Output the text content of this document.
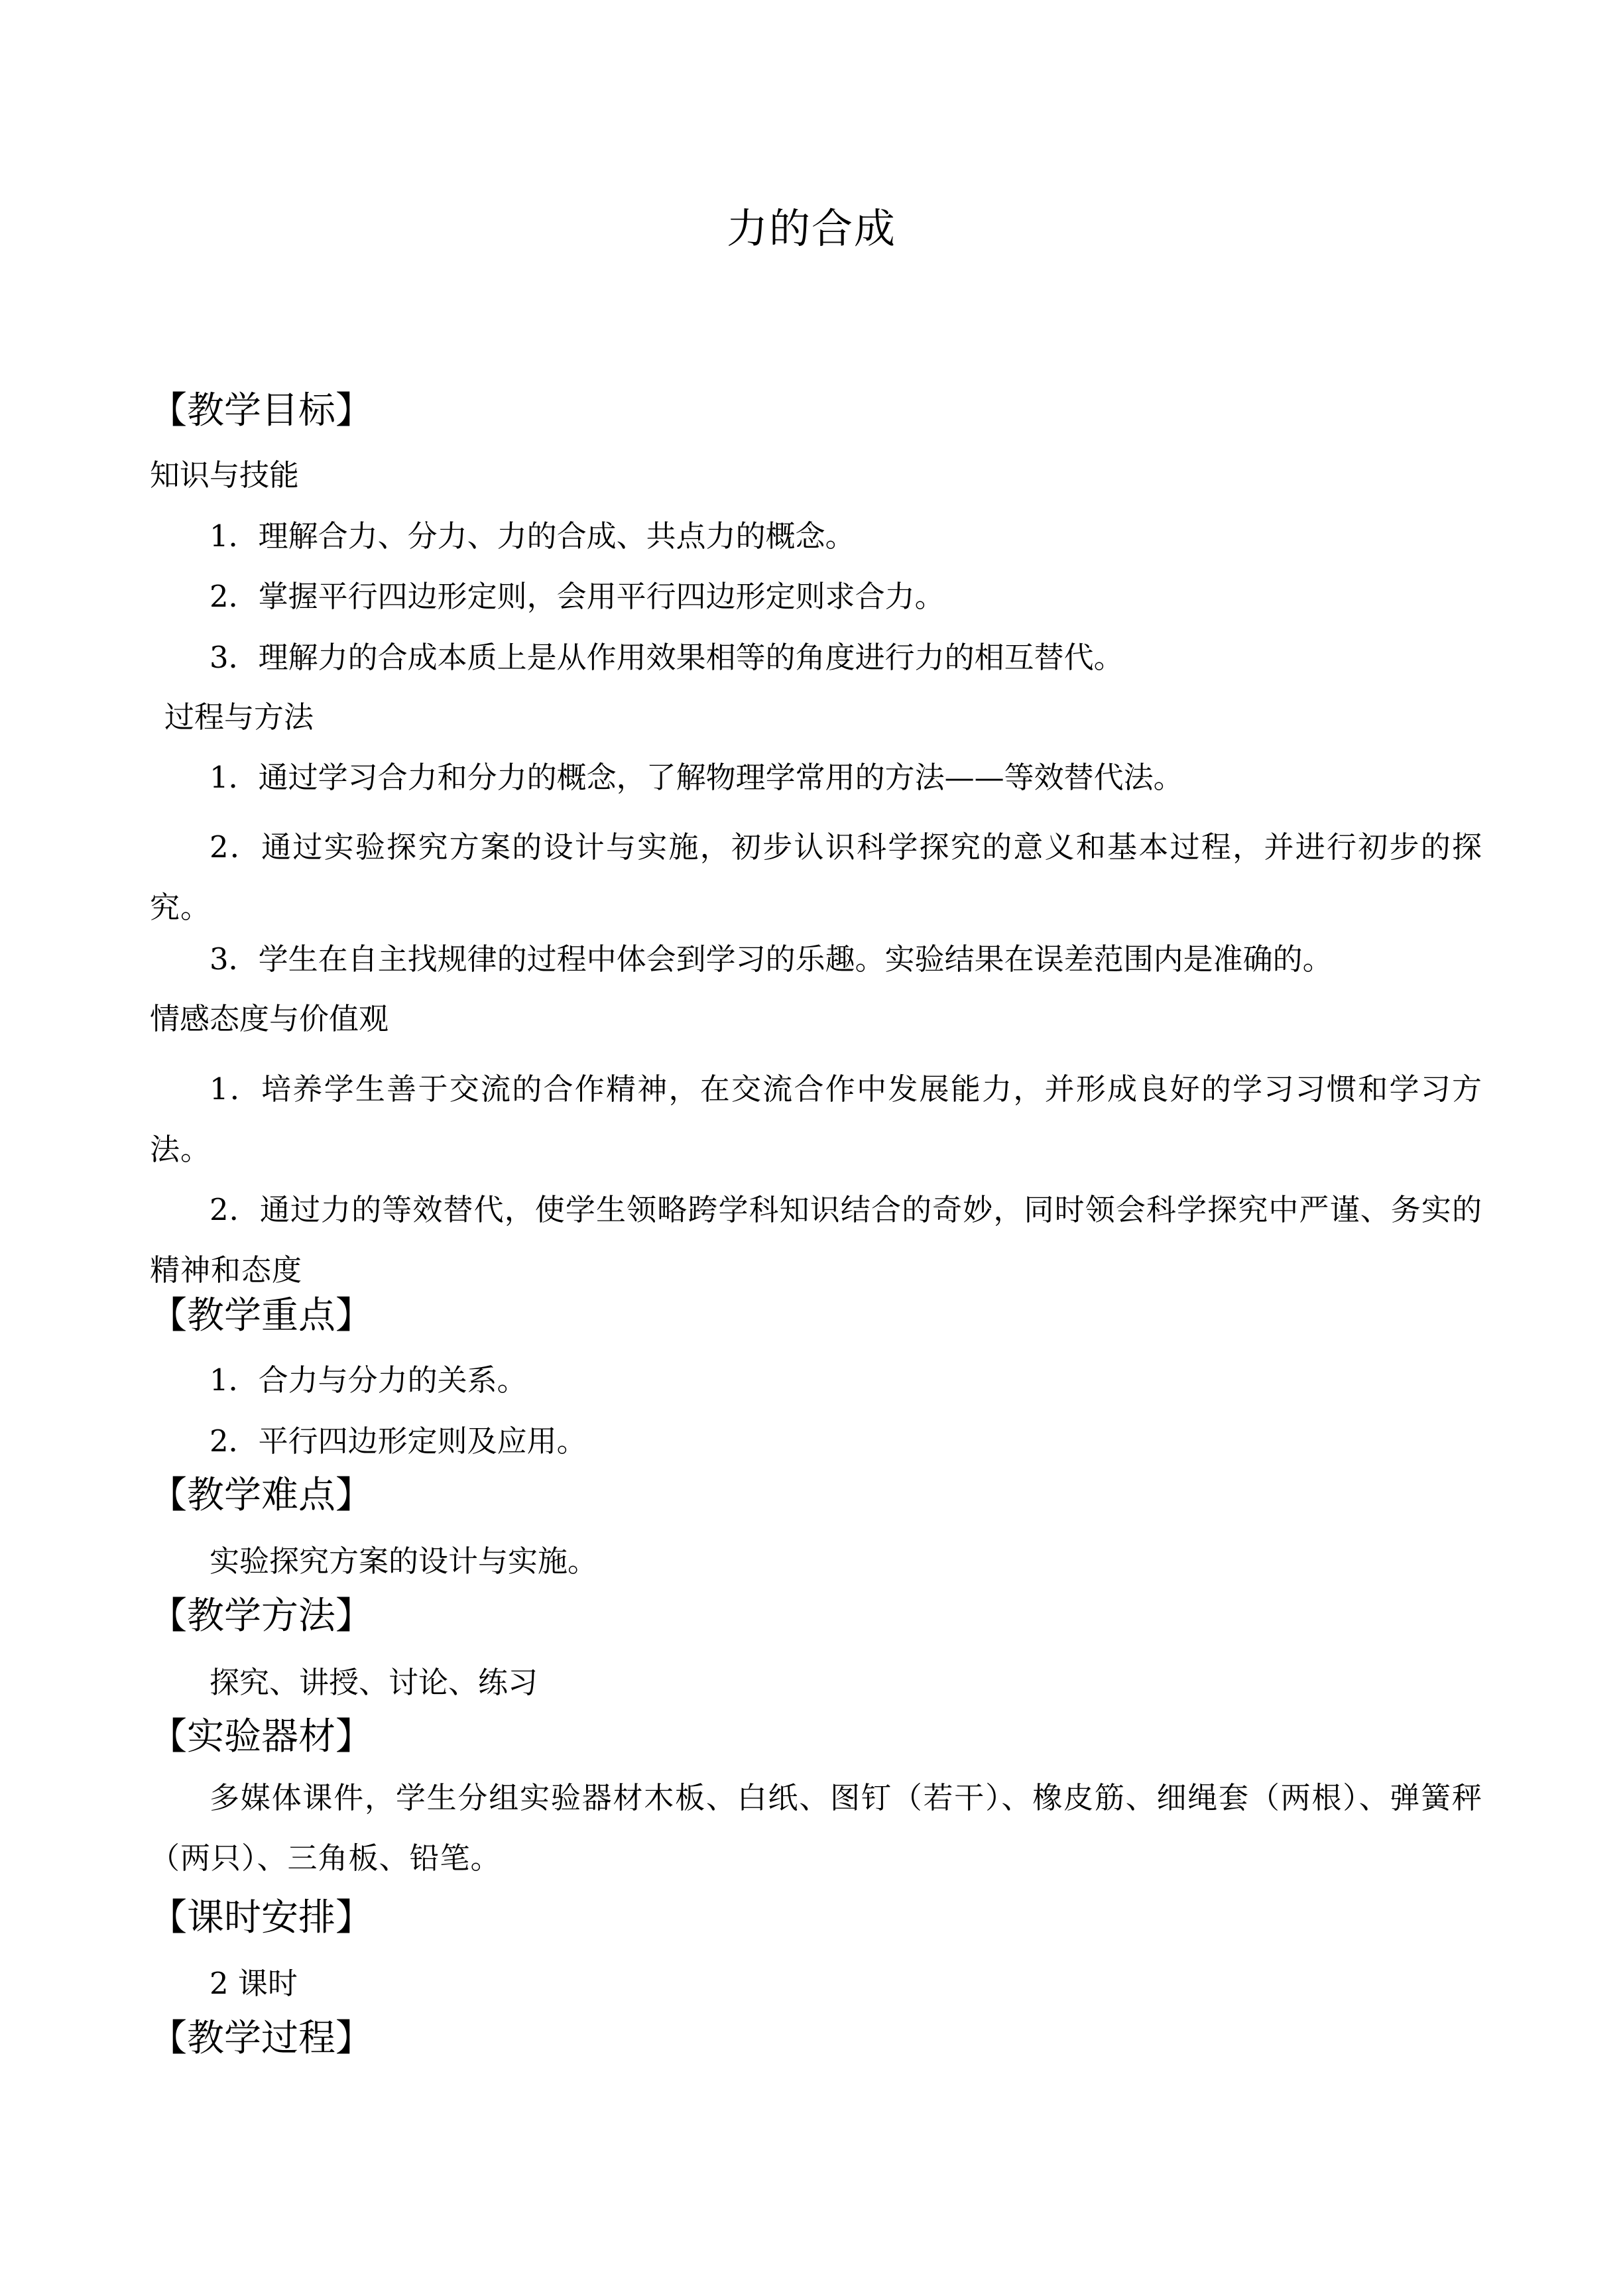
力的合成
【教学目标】
知识与技能
1．理解合力、分力、力的合成、共点力的概念。
2．掌握平行四边形定则，会用平行四边形定则求合力。
3．理解力的合成本质上是从作用效果相等的角度进行力的相互替代。
过程与方法
1．通过学习合力和分力的概念，了解物理学常用的方法——等效替代法。
2．通过实验探究方案的设计与实施，初步认识科学探究的意义和基本过程，并进行初步的探究。
3．学生在自主找规律的过程中体会到学习的乐趣。实验结果在误差范围内是准确的。
情感态度与价值观
1．培养学生善于交流的合作精神，在交流合作中发展能力，并形成良好的学习习惯和学习方法。
2．通过力的等效替代，使学生领略跨学科知识结合的奇妙，同时领会科学探究中严谨、务实的精神和态度
【教学重点】
1．合力与分力的关系。
2．平行四边形定则及应用。
【教学难点】
实验探究方案的设计与实施。
【教学方法】
探究、讲授、讨论、练习
【实验器材】
多媒体课件，学生分组实验器材木板、白纸、图钉（若干）、橡皮筋、细绳套（两根）、弹簧秤（两只）、三角板、铅笔。
【课时安排】
2 课时
【教学过程】
